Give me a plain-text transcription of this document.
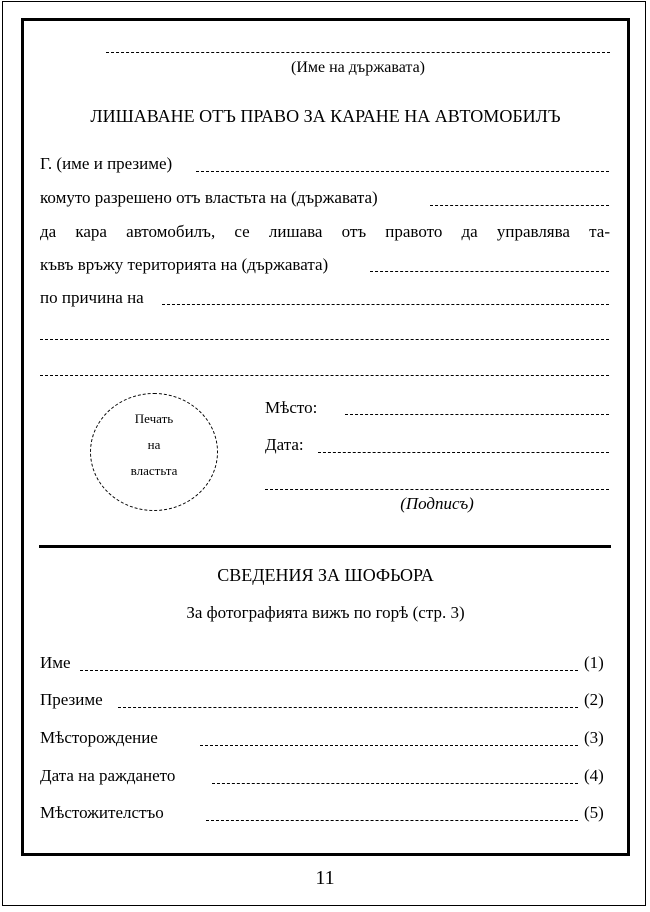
(Име на държавата)
ЛИШАВАНЕ ОТЪ ПРАВО ЗА КАРАНЕ НА АВТОМОБИЛЪ
Г. (име и презиме)
комуто разрешено отъ властьта на (държавата)
да кара автомобилъ, се лишава отъ правото да управлява та-
къвъ връжу територията на (държавата)
по причина на
Печать
на
властьта
Мѣсто:
Дата:
(Подписъ)
СВЕДЕНИЯ ЗА ШОФЬОРА
За фотографията вижъ по горѣ (стр. 3)
Име	(1)
Презиме	(2)
Мѣсторождение	(3)
Дата на раждането	(4)
Мѣстожителстъо	(5)
11
